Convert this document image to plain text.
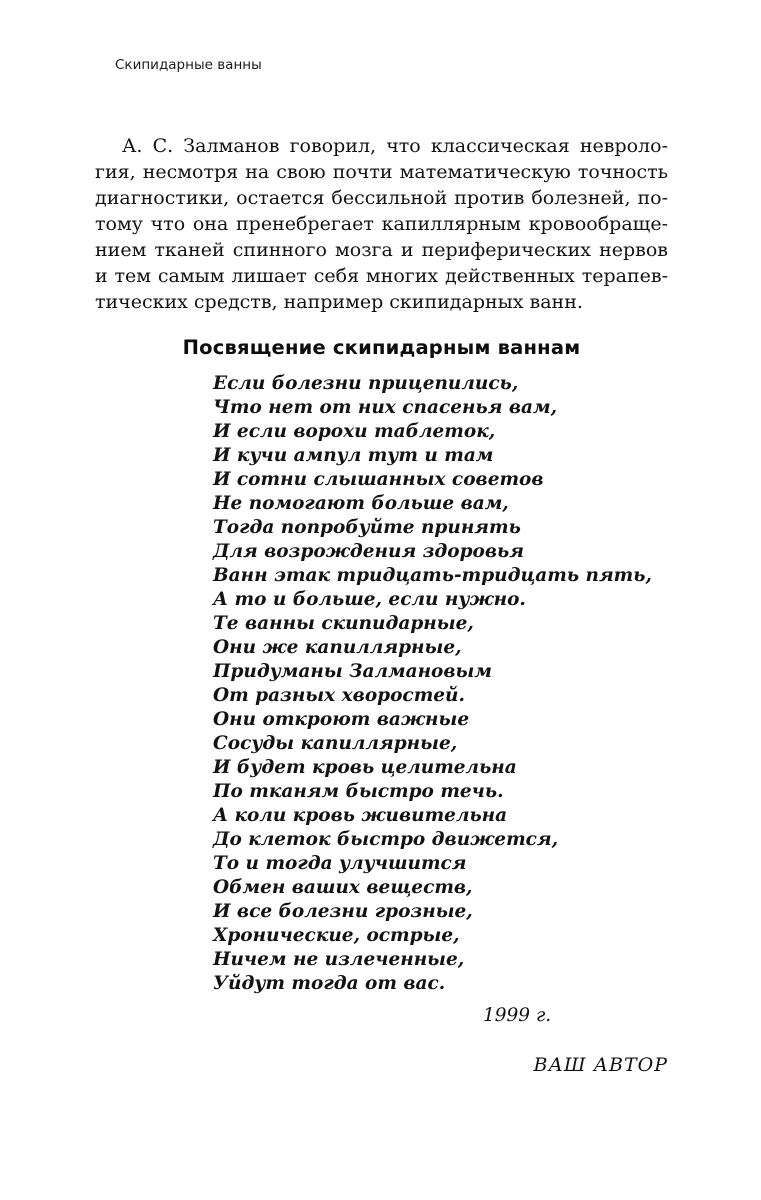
Скипидарные ванны
А. С. Залманов говорил, что классическая невроло-
гия, несмотря на свою почти математическую точность
диагностики, остается бессильной против болезней, по-
тому что она пренебрегает капиллярным кровообраще-
нием тканей спинного мозга и периферических нервов
и тем самым лишает себя многих действенных терапев-
тических средств, например скипидарных ванн.
Посвящение скипидарным ваннам
Если болезни прицепились,
Что нет от них спасенья вам,
И если ворохи таблеток,
И кучи ампул тут и там
И сотни слышанных советов
Не помогают больше вам,
Тогда попробуйте принять
Для возрождения здоровья
Ванн этак тридцать-тридцать пять,
А то и больше, если нужно.
Те ванны скипидарные,
Они же капиллярные,
Придуманы Залмановым
От разных хворостей.
Они откроют важные
Сосуды капиллярные,
И будет кровь целительна
По тканям быстро течь.
А коли кровь живительна
До клеток быстро движется,
То и тогда улучшится
Обмен ваших веществ,
И все болезни грозные,
Хронические, острые,
Ничем не излеченные,
Уйдут тогда от вас.
1999 г.
ВАШ АВТОР
